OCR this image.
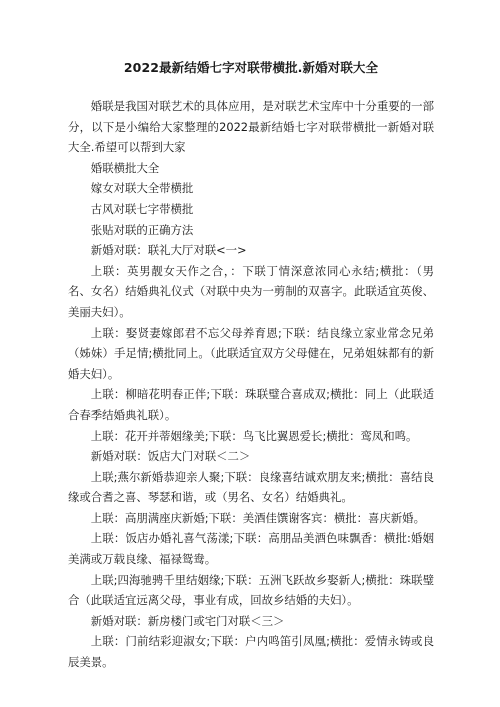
2022最新结婚七字对联带横批.新婚对联大全

婚联是我国对联艺术的具体应用，是对联艺术宝库中十分重要的一部分，以下是小编给大家整理的2022最新结婚七字对联带横批一新婚对联大全.希望可以帮到大家

婚联横批大全

嫁女对联大全带横批

古风对联七字带横批

张贴对联的正确方法

新婚对联：联礼大厅对联<一>

上联：英男靓女天作之合，：下联丁情深意浓同心永结;横批：（男名、女名）结婚典礼仪式（对联中央为一剪制的双喜字。此联适宜英俊、美丽夫妇）。

上联：娶贤妻嫁郎君不忘父母养育恩;下联：结良缘立家业常念兄弟（姊妹）手足情;横批同上。（此联适宜双方父母健在，兄弟姐妹都有的新婚夫妇）。

上联：柳暗花明春正伴;下联：珠联璧合喜成双;横批：同上（此联适合春季结婚典礼联）。

上联：花开并蒂姻缘美;下联：鸟飞比翼恩爱长;横批：鸾凤和鸣。

新婚对联：饭店大门对联＜二＞

上联;燕尔新婚恭迎亲人聚;下联：良缘喜结诚欢朋友来;横批：喜结良缘或合耆之喜、琴瑟和谐，或（男名、女名）结婚典礼。

上联：高朋满座庆新婚;下联：美酒佳馔谢客宾：横批：喜庆新婚。

上联：饭店办婚礼喜气荡漾;下联：高朋品美酒色味飘香：横批:婚姻美满或万载良缘、福禄鸳鸯。

上联;四海驰骋千里结姻缘;下联：五洲飞跃故乡娶新人;横批：珠联璧合（此联适宜远离父母，事业有成，回故乡结婚的夫妇）。

新婚对联：新房楼门或宅门对联＜三＞

上联：门前结彩迎淑女;下联：户内鸣笛引凤凰;横批：爱情永铸或良辰美景。
